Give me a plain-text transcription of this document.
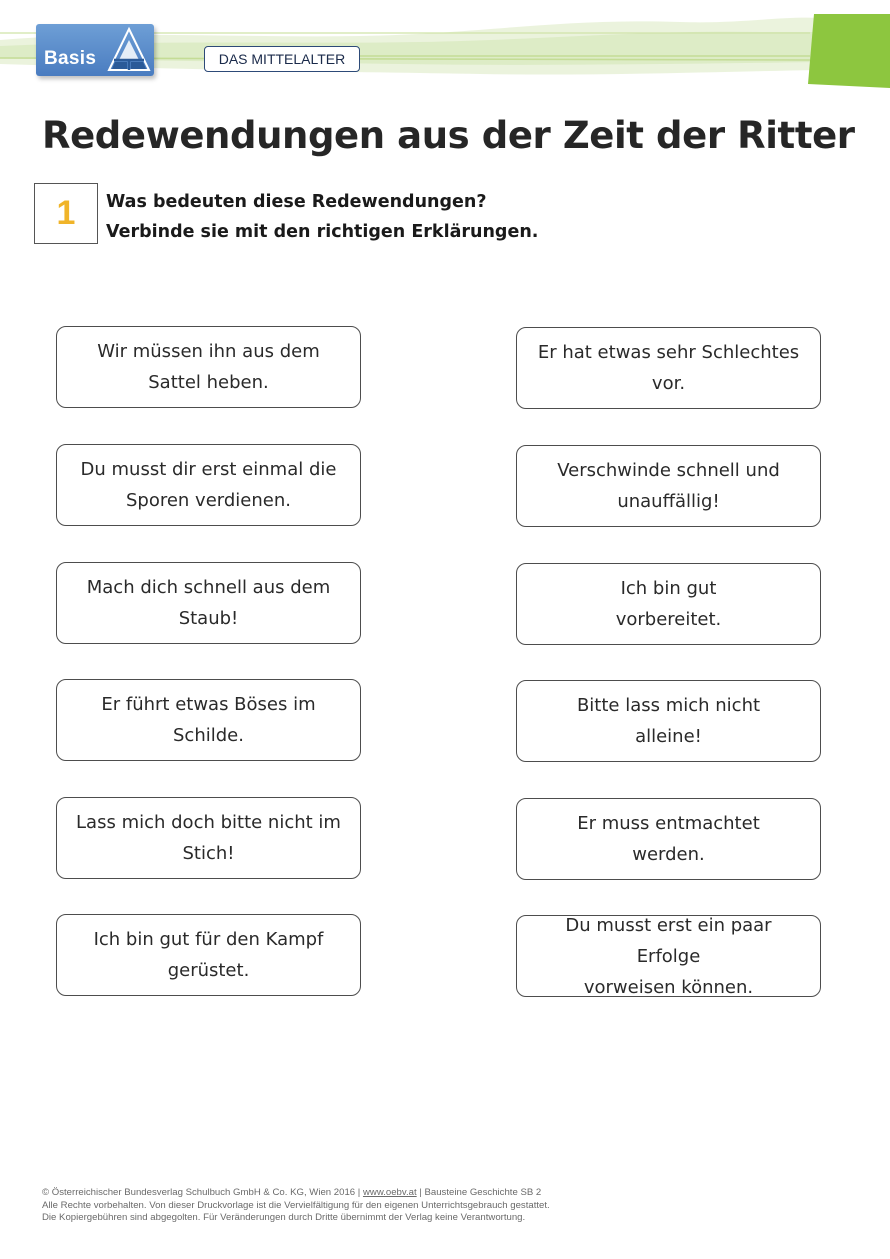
Basis	DAS MITTELALTER
Redewendungen aus der Zeit der Ritter
1	Was bedeuten diese Redewendungen?
Verbinde sie mit den richtigen Erklärungen.
Wir müssen ihn aus dem
Sattel heben.
Du musst dir erst einmal die
Sporen verdienen.
Mach dich schnell aus dem
Staub!
Er führt etwas Böses im
Schilde.
Lass mich doch bitte nicht im
Stich!
Ich bin gut für den Kampf
gerüstet.
Er hat etwas sehr Schlechtes
vor.
Verschwinde schnell und
unauffällig!
Ich bin gut
vorbereitet.
Bitte lass mich nicht
alleine!
Er muss entmachtet
werden.
Du musst erst ein paar Erfolge
vorweisen können.
© Österreichischer Bundesverlag Schulbuch GmbH & Co. KG, Wien 2016 | www.oebv.at | Bausteine Geschichte SB 2
Alle Rechte vorbehalten. Von dieser Druckvorlage ist die Vervielfältigung für den eigenen Unterrichtsgebrauch gestattet.
Die Kopiergebühren sind abgegolten. Für Veränderungen durch Dritte übernimmt der Verlag keine Verantwortung.
